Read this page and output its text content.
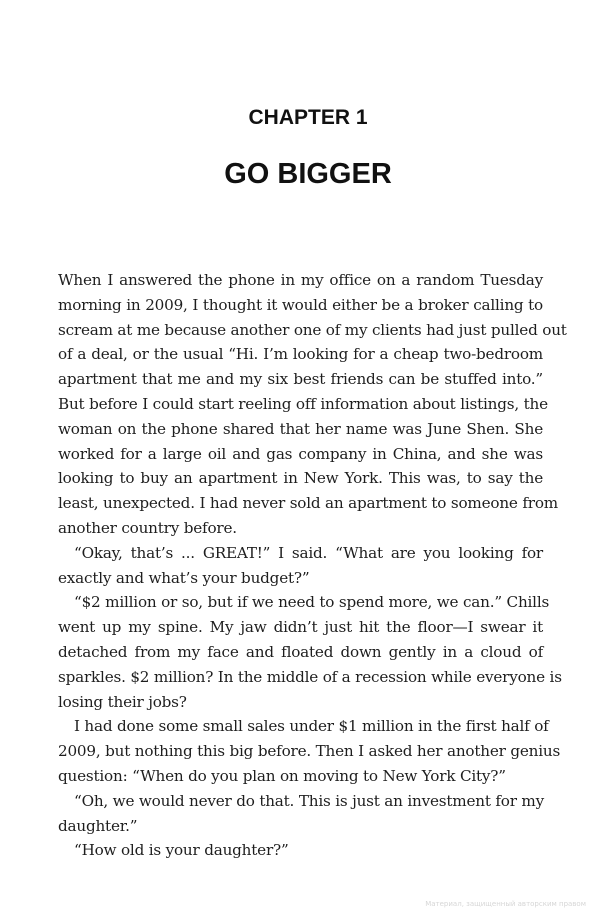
CHAPTER 1
GO BIGGER
When I answered the phone in my office on a random Tuesday
morning in 2009, I thought it would either be a broker calling to
scream at me because another one of my clients had just pulled out
of a deal, or the usual “Hi. I’m looking for a cheap two-bedroom
apartment that me and my six best friends can be stuffed into.”
But before I could start reeling off information about listings, the
woman on the phone shared that her name was June Shen. She
worked for a large oil and gas company in China, and she was
looking to buy an apartment in New York. This was, to say the
least, unexpected. I had never sold an apartment to someone from
another country before.
“Okay, that’s ... GREAT!” I said. “What are you looking for
exactly and what’s your budget?”
“$2 million or so, but if we need to spend more, we can.” Chills
went up my spine. My jaw didn’t just hit the floor—I swear it
detached from my face and floated down gently in a cloud of
sparkles. $2 million? In the middle of a recession while everyone is
losing their jobs?
I had done some small sales under $1 million in the first half of
2009, but nothing this big before. Then I asked her another genius
question: “When do you plan on moving to New York City?”
“Oh, we would never do that. This is just an investment for my
daughter.”
“How old is your daughter?”
Материал, защищенный авторским правом
